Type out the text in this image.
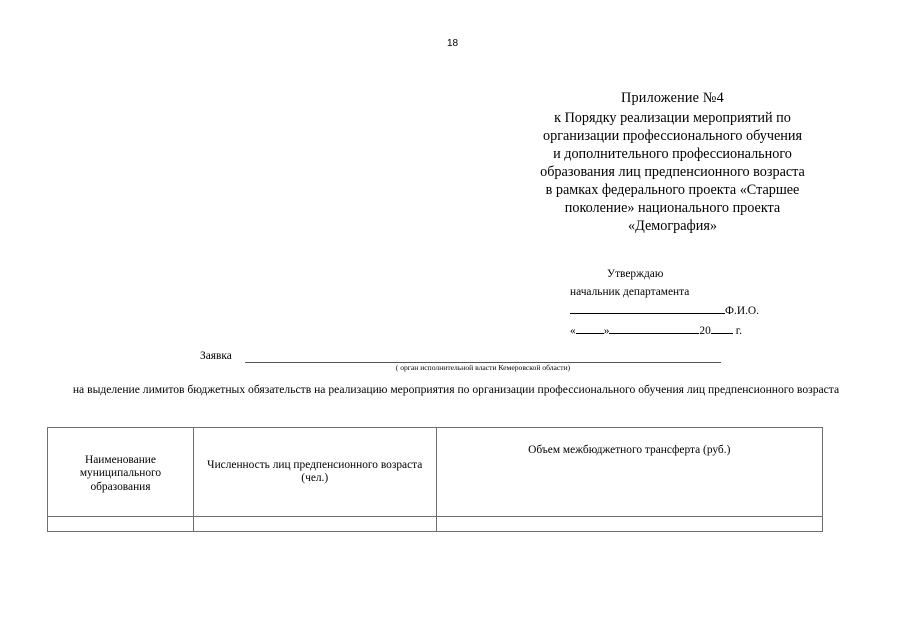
18
Приложение №4
к Порядку реализации мероприятий по
организации профессионального обучения
и дополнительного профессионального
образования лиц предпенсионного возраста
в рамках федерального проекта «Старшее
поколение» национального проекта
«Демография»
Утверждаю
начальник департамента
Ф.И.О.
« »	20 г.
Заявка
( орган исполнительной власти Кемеровской области)
на выделение лимитов бюджетных обязательств на реализацию мероприятия по организации профессионального обучения лиц предпенсионного возраста
Наименование муниципального образования	Численность лиц предпенсионного возраста (чел.)	Объем межбюджетного трансферта (руб.)
